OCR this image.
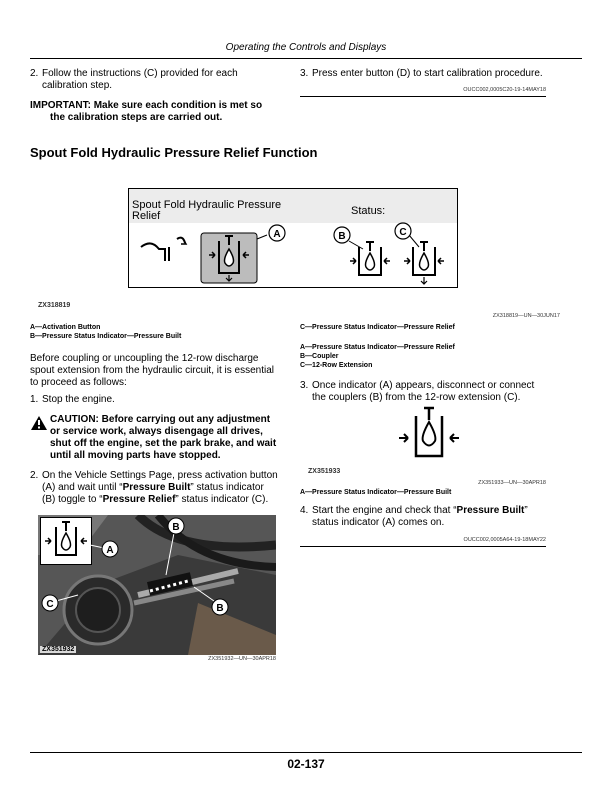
Operating the Controls and Displays
2. Follow the instructions (C) provided for each
calibration step.
IMPORTANT: Make sure each condition is met so
the calibration steps are carried out.
3. Press enter button (D) to start calibration procedure.
OUCC002,0005C20-19-14MAY18
Spout Fold Hydraulic Pressure Relief Function
Spout Fold Hydraulic Pressure
Relief	Status:
A	B	C
ZX318819
ZX318819—UN—30JUN17
A—Activation Button
B—Pressure Status Indicator—Pressure Built
C—Pressure Status Indicator—Pressure Relief
Before coupling or uncoupling the 12-row discharge
spout extension from the hydraulic circuit, it is essential
to proceed as follows:
1. Stop the engine.
CAUTION: Before carrying out any adjustment
or service work, always disengage all drives,
shut off the engine, set the park brake, and wait
until all moving parts have stopped.
2. On the Vehicle Settings Page, press activation button
(A) and wait until “Pressure Built” status indicator
(B) toggle to “Pressure Relief” status indicator (C).
A
B
B
C
ZX351932
ZX351932—UN—30APR18
A—Pressure Status Indicator—Pressure Relief
B—Coupler
C—12-Row Extension
3. Once indicator (A) appears, disconnect or connect
the couplers (B) from the 12-row extension (C).
ZX351933
ZX351933—UN—30APR18
A—Pressure Status Indicator—Pressure Built
4. Start the engine and check that “Pressure Built”
status indicator (A) comes on.
OUCC002,0005A64-19-18MAY22
02-137
